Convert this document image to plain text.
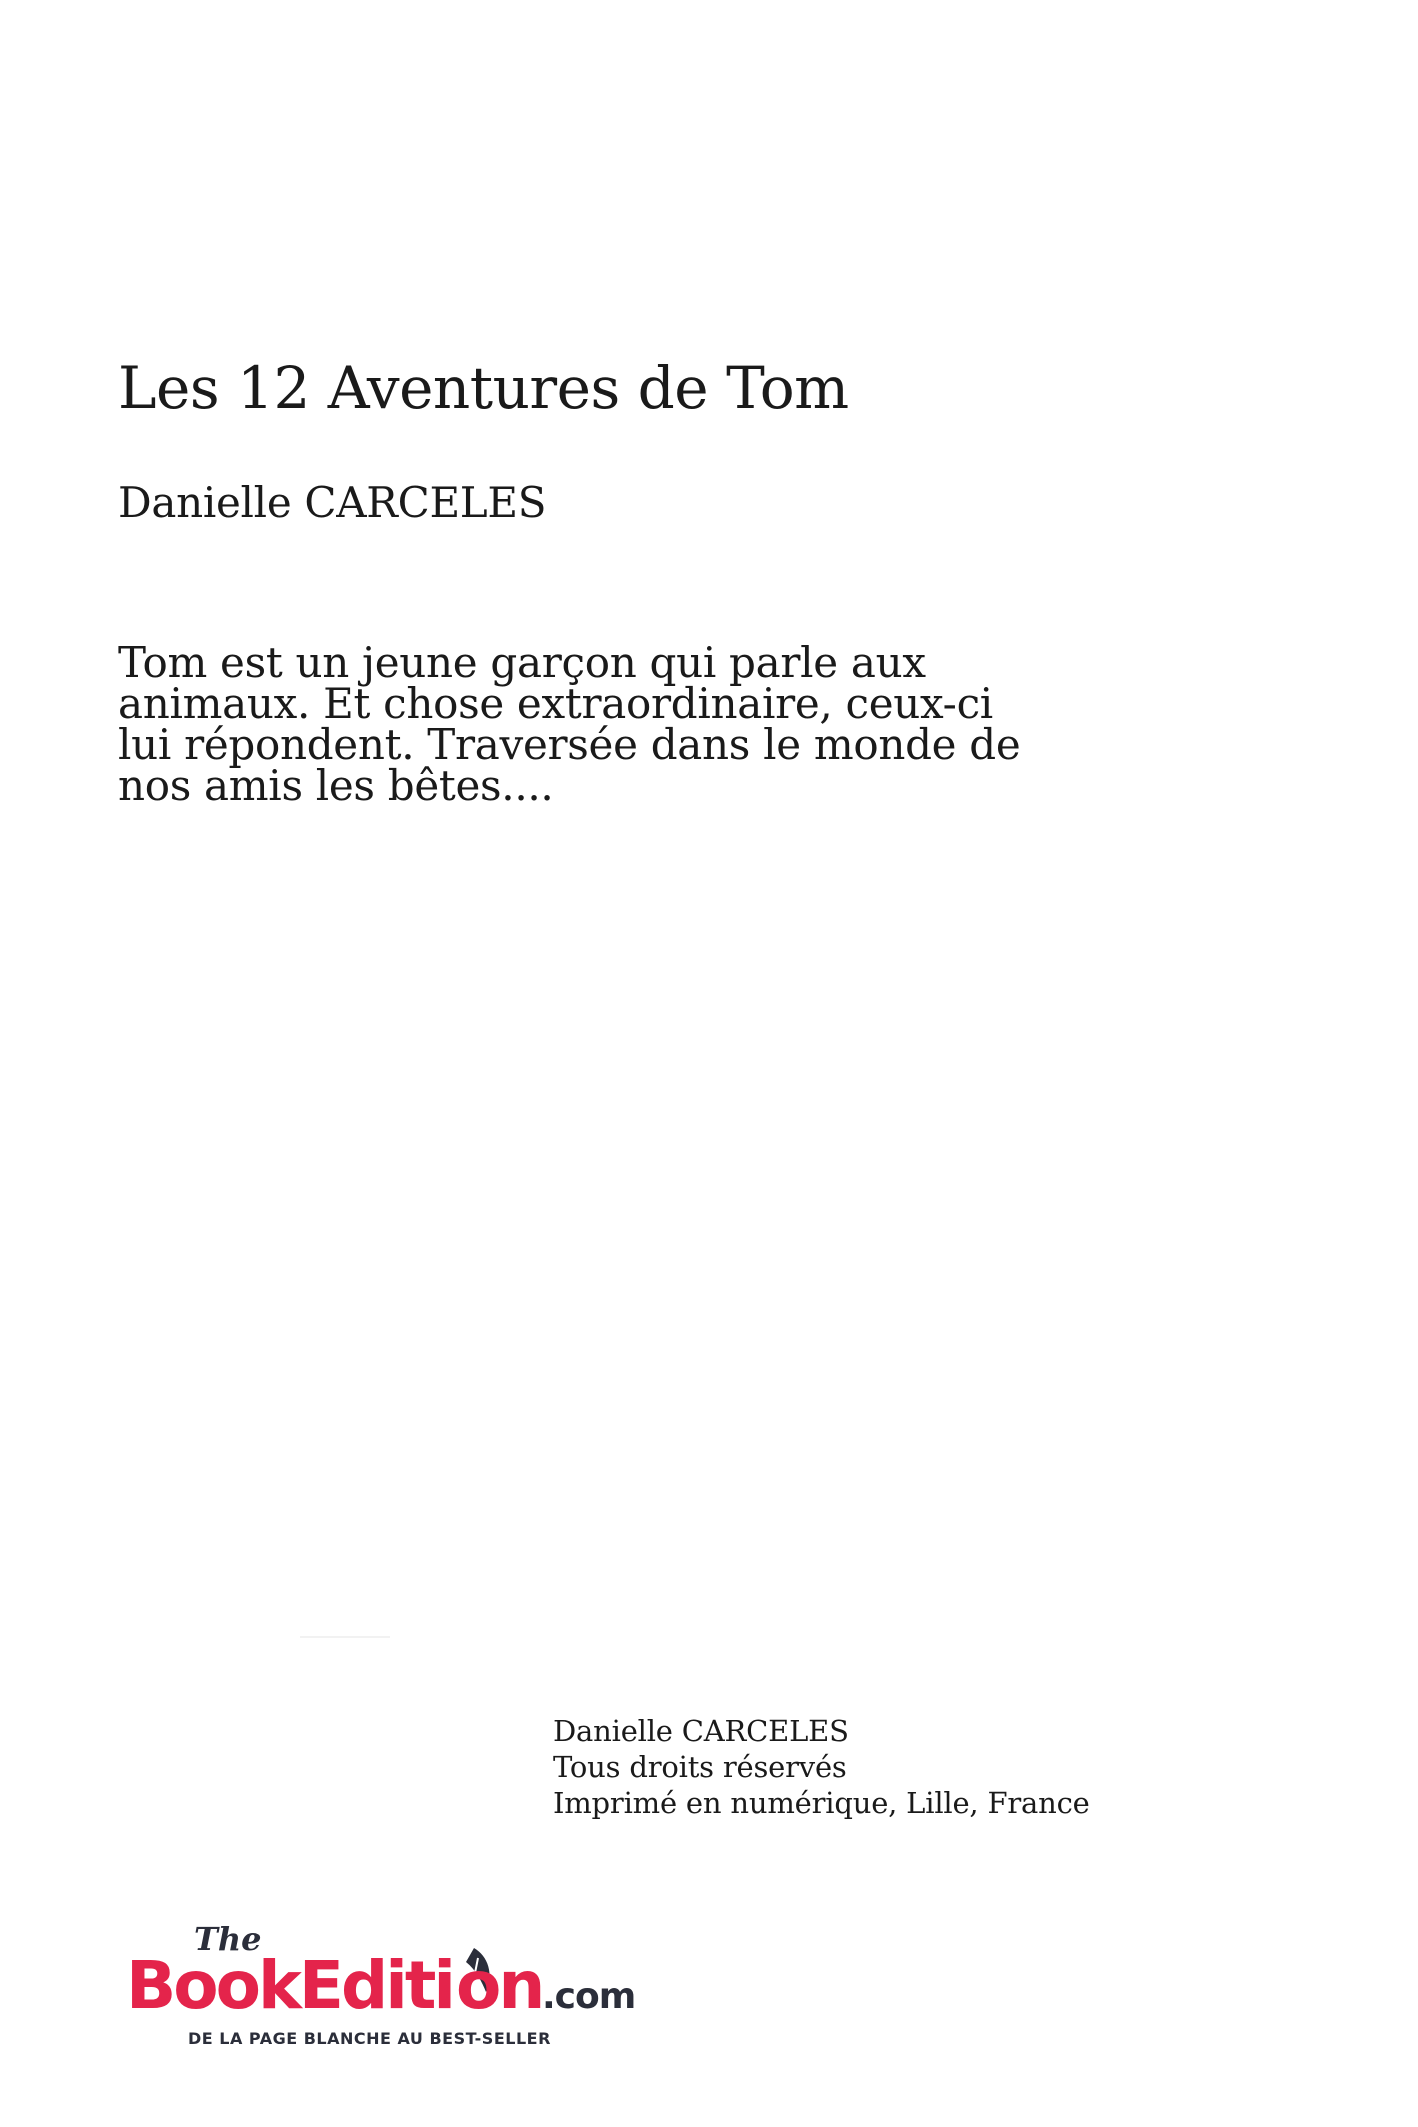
Les 12 Aventures de Tom

Danielle CARCELES

Tom est un jeune garçon qui parle aux
animaux. Et chose extraordinaire, ceux-ci
lui répondent. Traversée dans le monde de
nos amis les bêtes....

Danielle CARCELES
Tous droits réservés
Imprimé en numérique, Lille, France
The
BookEditi on .com
DE LA PAGE BLANCHE AU BEST-SELLER
